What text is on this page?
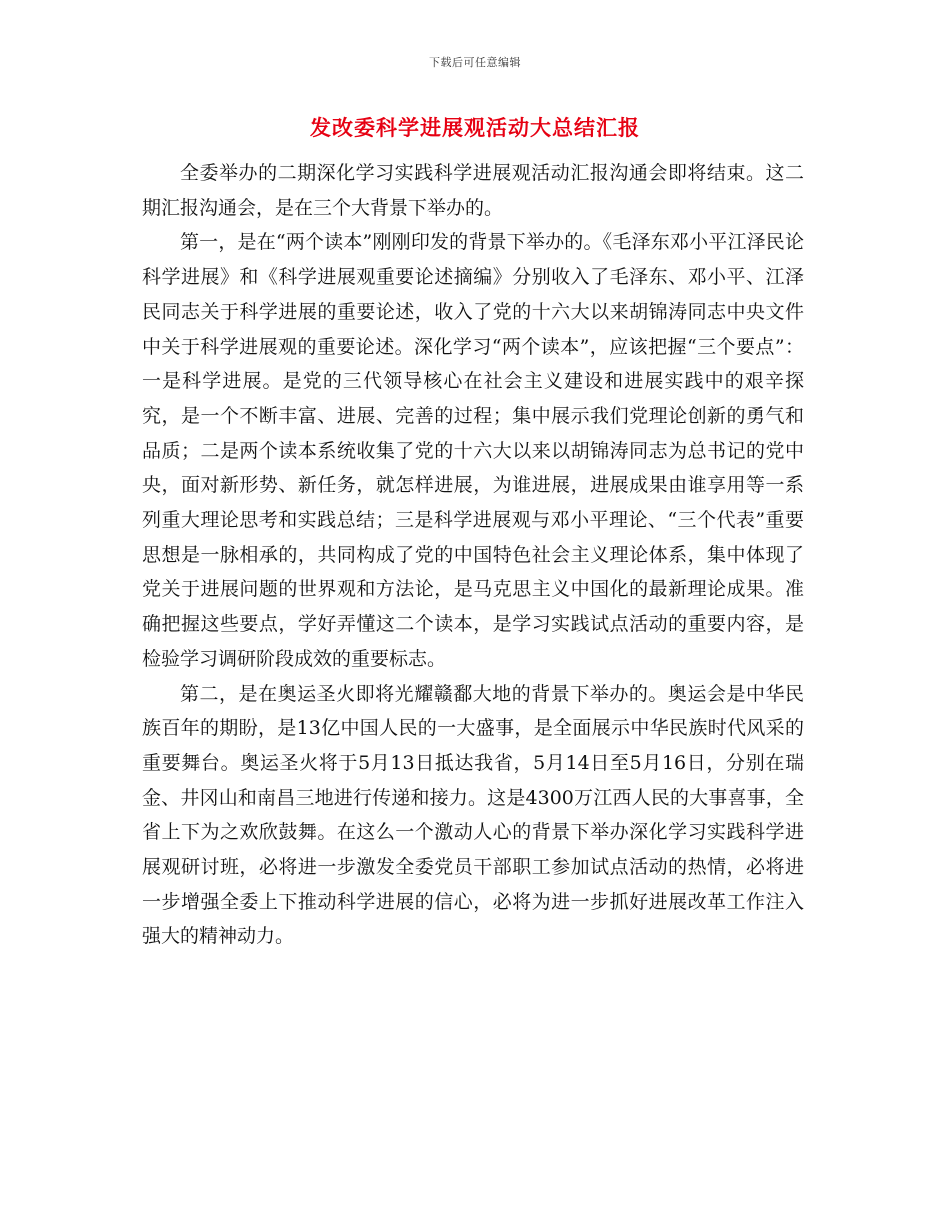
下载后可任意编辑
发改委科学进展观活动大总结汇报

全委举办的二期深化学习实践科学进展观活动汇报沟通会即将结束。这二期汇报沟通会，是在三个大背景下举办的。

第一，是在“两个读本”刚刚印发的背景下举办的。《毛泽东邓小平江泽民论科学进展》和《科学进展观重要论述摘编》分别收入了毛泽东、邓小平、江泽民同志关于科学进展的重要论述，收入了党的十六大以来胡锦涛同志中央文件中关于科学进展观的重要论述。深化学习“两个读本”，应该把握“三个要点”：一是科学进展。是党的三代领导核心在社会主义建设和进展实践中的艰辛探究，是一个不断丰富、进展、完善的过程；集中展示我们党理论创新的勇气和品质；二是两个读本系统收集了党的十六大以来以胡锦涛同志为总书记的党中央，面对新形势、新任务，就怎样进展，为谁进展，进展成果由谁享用等一系列重大理论思考和实践总结；三是科学进展观与邓小平理论、“三个代表”重要思想是一脉相承的，共同构成了党的中国特色社会主义理论体系，集中体现了党关于进展问题的世界观和方法论，是马克思主义中国化的最新理论成果。准确把握这些要点，学好弄懂这二个读本，是学习实践试点活动的重要内容，是检验学习调研阶段成效的重要标志。

第二，是在奥运圣火即将光耀赣鄱大地的背景下举办的。奥运会是中华民族百年的期盼，是13亿中国人民的一大盛事，是全面展示中华民族时代风采的重要舞台。奥运圣火将于5月13日抵达我省，5月14日至5月16日，分别在瑞金、井冈山和南昌三地进行传递和接力。这是4300万江西人民的大事喜事，全省上下为之欢欣鼓舞。在这么一个激动人心的背景下举办深化学习实践科学进展观研讨班，必将进一步激发全委党员干部职工参加试点活动的热情，必将进一步增强全委上下推动科学进展的信心，必将为进一步抓好进展改革工作注入强大的精神动力。
